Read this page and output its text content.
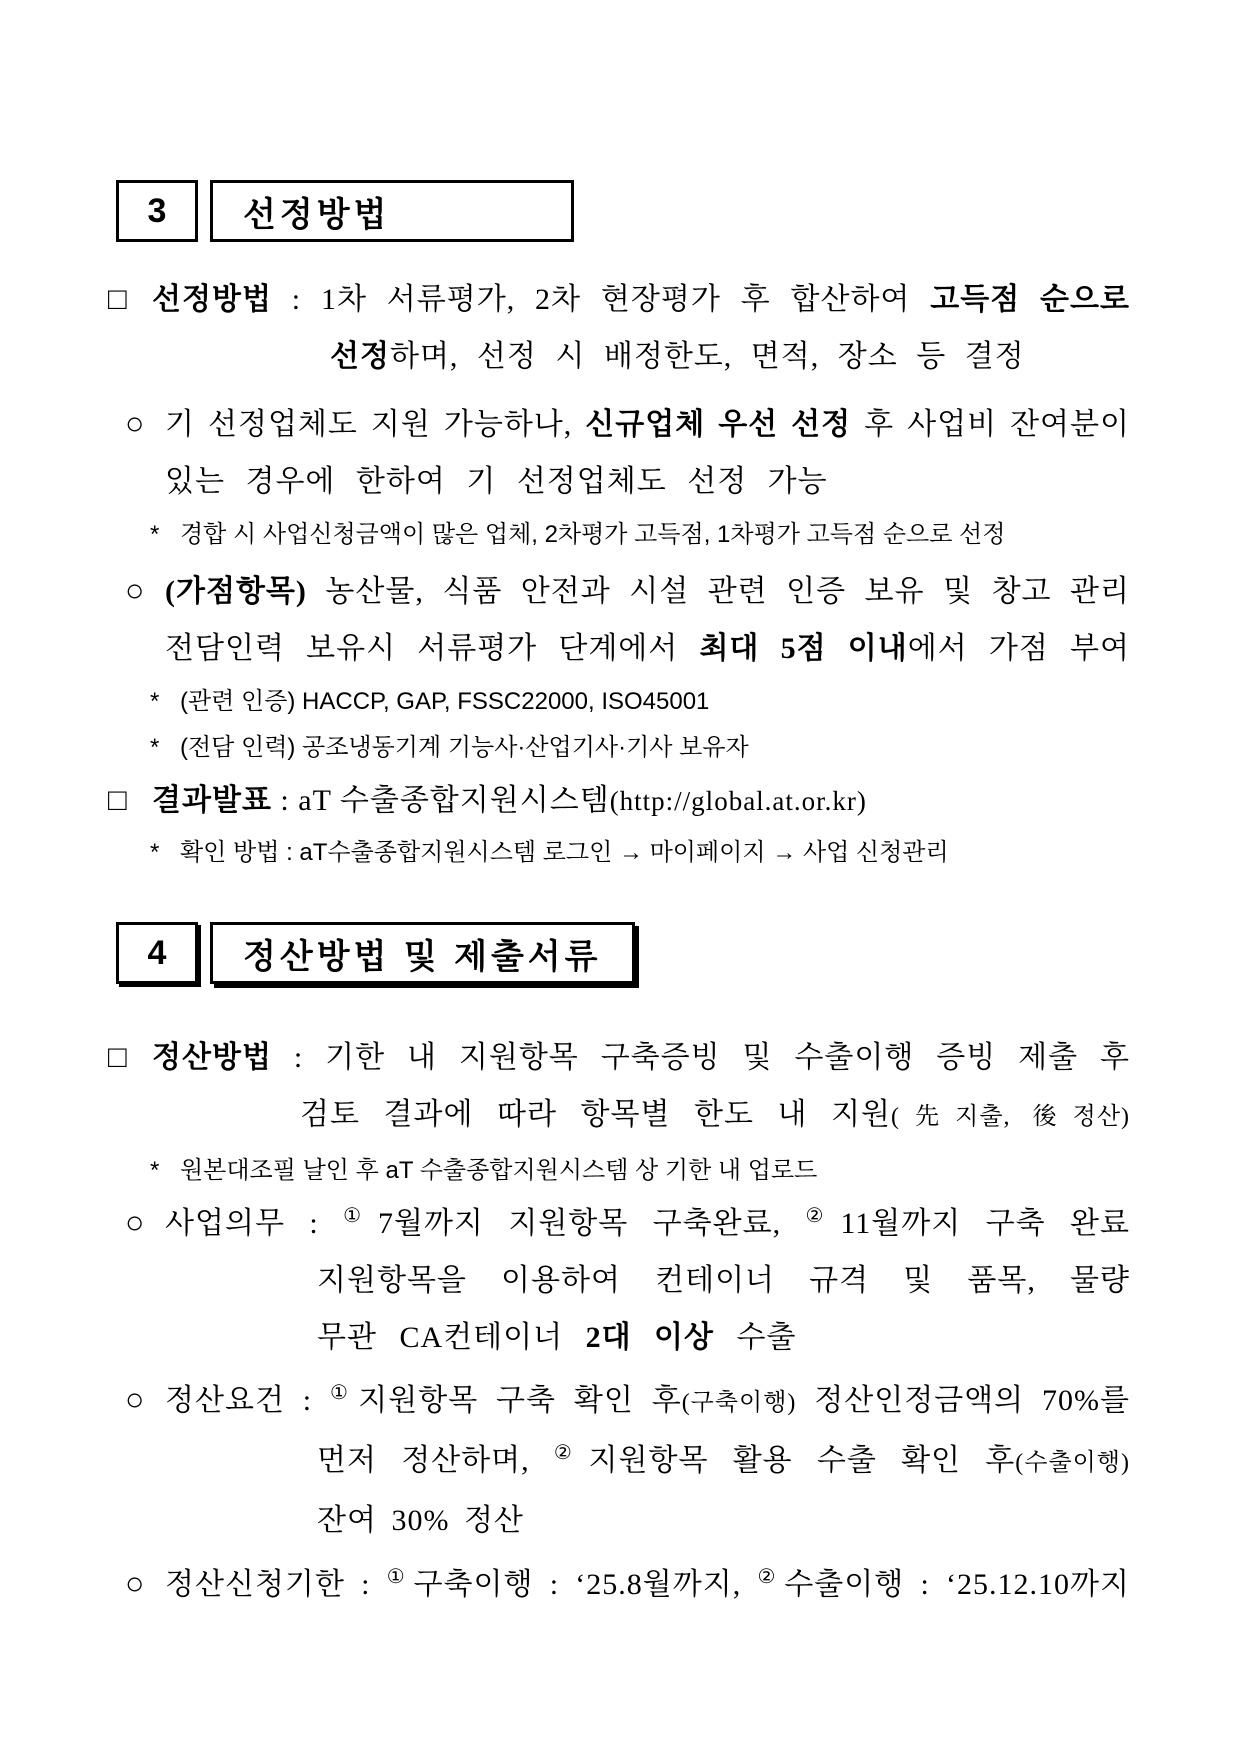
3 선정방법
□ 선정방법 : 1차 서류평가, 2차 현장평가 후 합산하여 고득점 순으로
선정하며, 선정 시 배정한도, 면적, 장소 등 결정
○ 기 선정업체도 지원 가능하나, 신규업체 우선 선정 후 사업비 잔여분이
있는 경우에 한하여 기 선정업체도 선정 가능
* 경합 시 사업신청금액이 많은 업체, 2차평가 고득점, 1차평가 고득점 순으로 선정
○ (가점항목) 농산물, 식품 안전과 시설 관련 인증 보유 및 창고 관리
전담인력 보유시 서류평가 단계에서 최대 5점 이내에서 가점 부여
* (관련 인증) HACCP, GAP, FSSC22000, ISO45001
* (전담 인력) 공조냉동기계 기능사·산업기사·기사 보유자
□ 결과발표 : aT 수출종합지원시스템(http://global.at.or.kr)
* 확인 방법 : aT수출종합지원시스템 로그인 → 마이페이지 → 사업 신청관리
4 정산방법 및 제출서류
□ 정산방법 : 기한 내 지원항목 구축증빙 및 수출이행 증빙 제출 후
검토 결과에 따라 항목별 한도 내 지원(先지출, 後정산)
* 원본대조필 날인 후 aT 수출종합지원시스템 상 기한 내 업로드
○ 사업의무 : ①7월까지 지원항목 구축완료, ②11월까지 구축 완료
지원항목을 이용하여 컨테이너 규격 및 품목, 물량
무관 CA컨테이너 2대 이상 수출
○ 정산요건 : ①지원항목 구축 확인 후(구축이행) 정산인정금액의 70%를
먼저 정산하며, ②지원항목 활용 수출 확인 후(수출이행)
잔여 30% 정산
○ 정산신청기한 : ①구축이행 : ‘25.8월까지, ②수출이행 : ‘25.12.10까지
